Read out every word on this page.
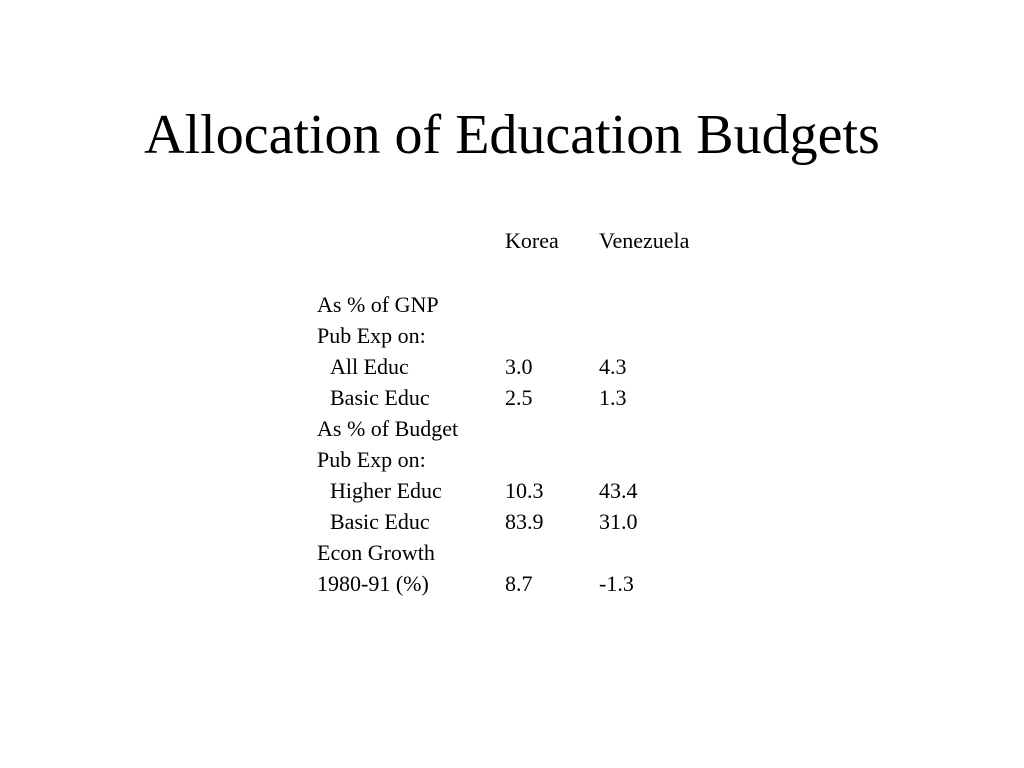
Allocation of Education Budgets
Korea Venezuela
As % of GNP
Pub Exp on:
All Educ	3.0	4.3
Basic Educ	2.5	1.3
As % of Budget
Pub Exp on:
Higher Educ	10.3	43.4
Basic Educ	83.9	31.0
Econ Growth
1980-91 (%)	8.7	-1.3
